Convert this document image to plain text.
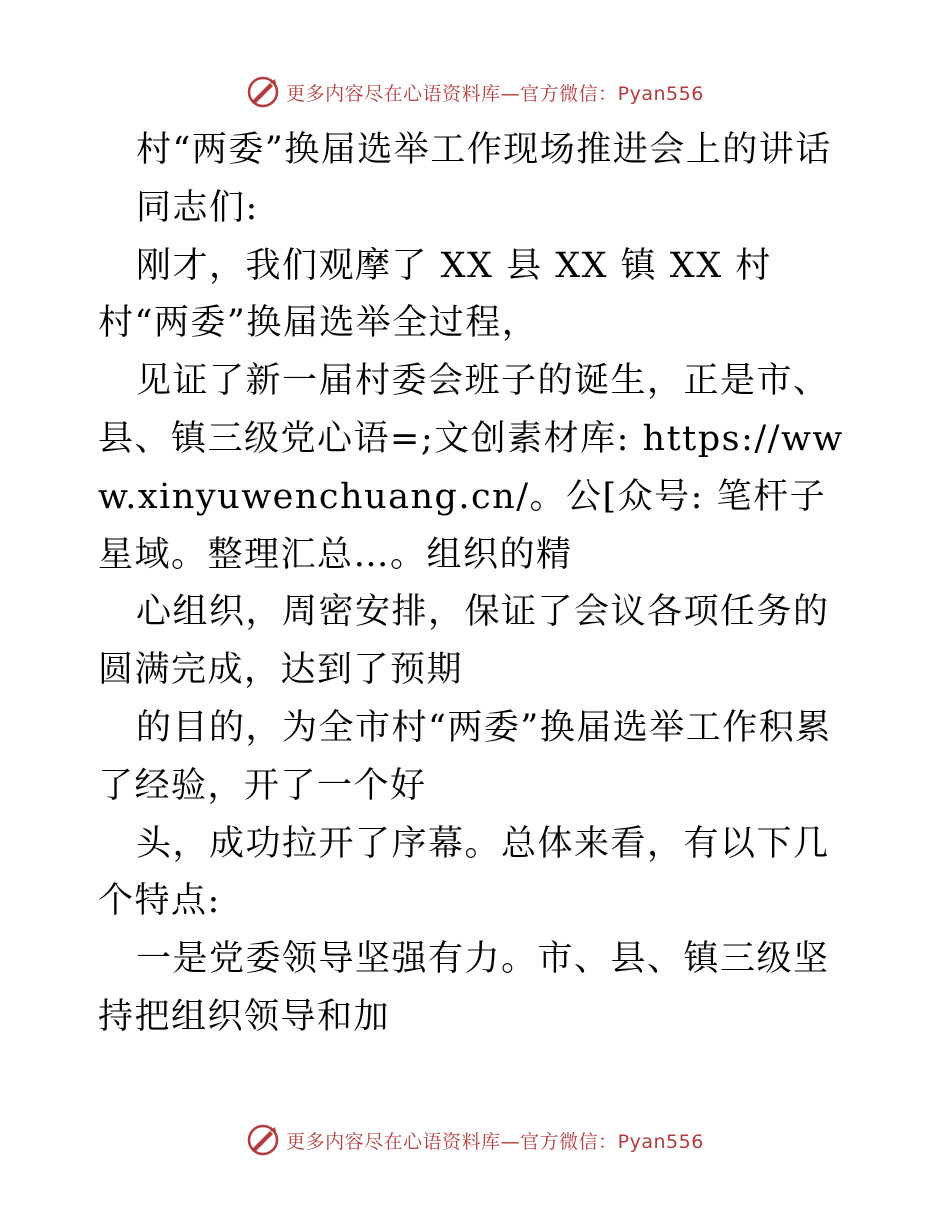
更多内容尽在心语资料库—官方微信：Pyan556

村“两委”换届选举工作现场推进会上的讲话

同志们:

刚才，我们观摩了 XX 县 XX 镇 XX 村村“两委”换届选举全过程，

见证了新一届村委会班子的诞生，正是市、县、镇三级党心语=;文创素材库: https://www.xinyuwenchuang.cn/。公[众号: 笔杆子星域。整理汇总…。组织的精

心组织，周密安排，保证了会议各项任务的圆满完成，达到了预期

的目的，为全市村“两委”换届选举工作积累了经验，开了一个好

头，成功拉开了序幕。总体来看，有以下几个特点:

一是党委领导坚强有力。市、县、镇三级坚持把组织领导和加

更多内容尽在心语资料库—官方微信：Pyan556
